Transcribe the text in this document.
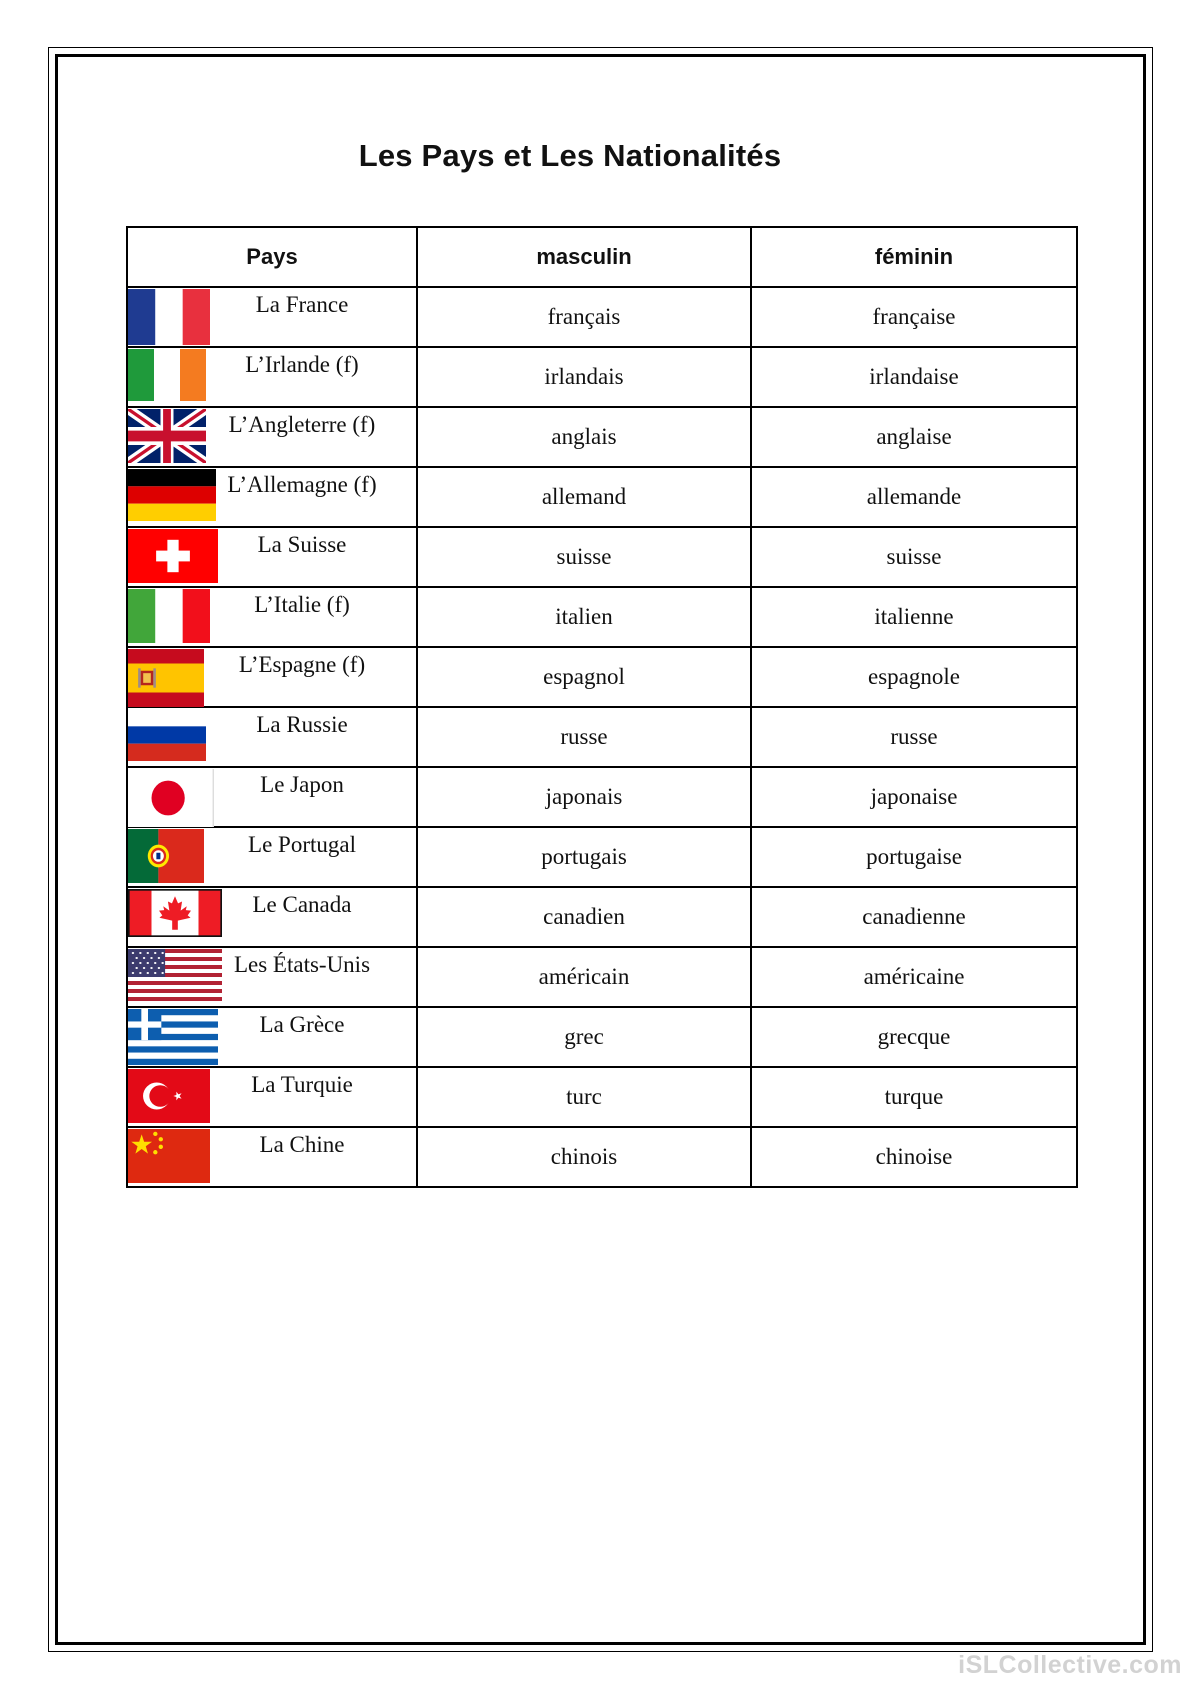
Les Pays et Les Nationalités
Pays	masculin	féminin

La France	français	française

L’Irlande (f)	irlandais	irlandaise

L’Angleterre (f)	anglais	anglaise

L’Allemagne (f)	allemand	allemande

La Suisse	suisse	suisse

L’Italie (f)	italien	italienne

L’Espagne (f)	espagnol	espagnole

La Russie	russe	russe

Le Japon	japonais	japonaise

Le Portugal	portugais	portugaise

Le Canada	canadien	canadienne

Les États-Unis	américain	américaine

La Grèce	grec	grecque

La Turquie	turc	turque

La Chine	chinois	chinoise
iSLCollective.com
